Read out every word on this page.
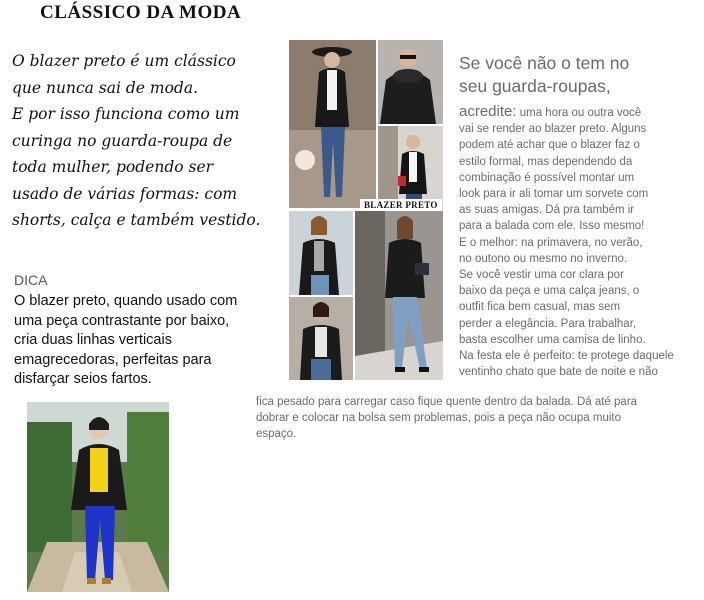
CLÁSSICO DA MODA
O blazer preto é um clássico
que nunca sai de moda.
E por isso funciona como um
curinga no guarda-roupa de
toda mulher, podendo ser
usado de várias formas: com
shorts, calça e também vestido.
DICA
O blazer preto, quando usado com
uma peça contrastante por baixo,
cria duas linhas verticais
emagrecedoras, perfeitas para
disfarçar seios fartos.
BLAZER PRETO
Se você não o tem no
seu guarda-roupas,
acredite: uma hora ou outra você
vai se render ao blazer preto. Alguns
podem até achar que o blazer faz o
estilo formal, mas dependendo da
combinação é possível montar um
look para ir ali tomar um sorvete com
as suas amigas. Dá pra também ir
para a balada com ele. Isso mesmo!
E o melhor: na primavera, no verão,
no outono ou mesmo no inverno.
Se você vestir uma cor clara por
baixo da peça e uma calça jeans, o
outfit fica bem casual, mas sem
perder a elegância. Para trabalhar,
basta escolher uma camisa de linho.
Na festa ele é perfeito: te protege daquele
ventinho chato que bate de noite e não
fica pesado para carregar caso fique quente dentro da balada. Dá até para
dobrar e colocar na bolsa sem problemas, pois a peça não ocupa muito
espaço.
